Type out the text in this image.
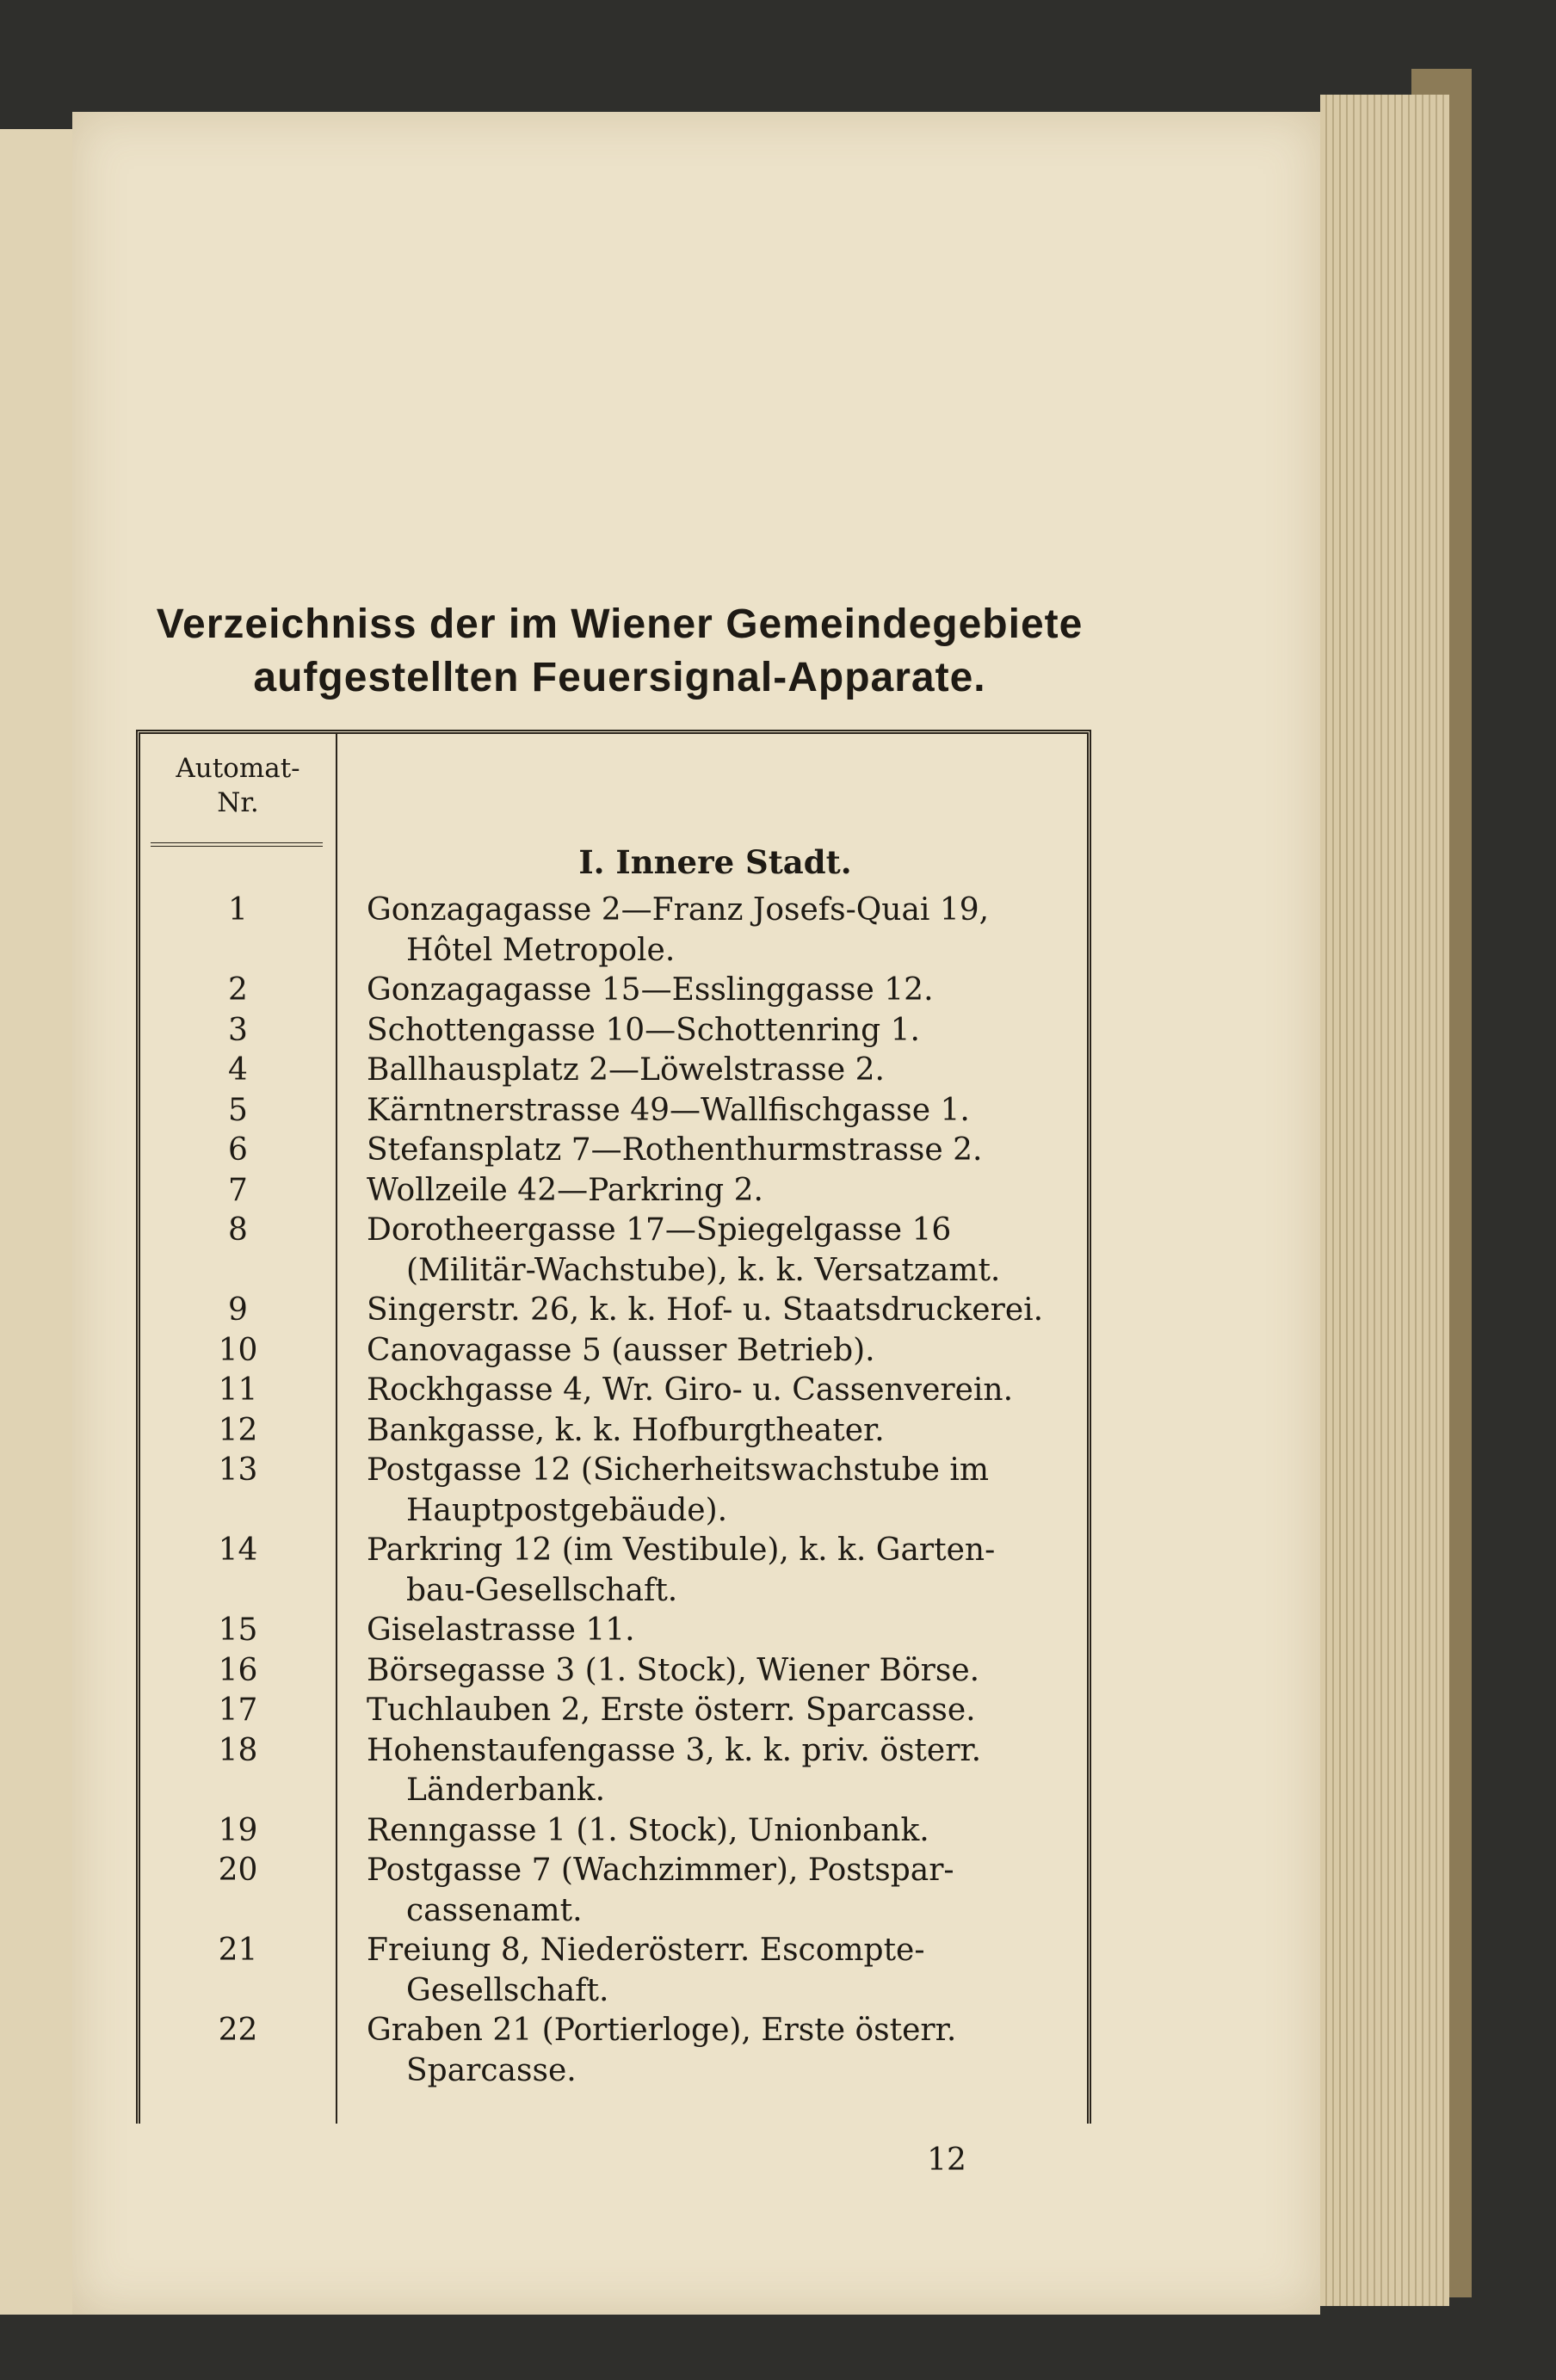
Verzeichniss der im Wiener Gemeindegebiete
aufgestellten Feuersignal-Apparate.
Automat-
Nr.
I. Innere Stadt.
1	Gonzagagasse 2—Franz Josefs-Quai 19,
Hôtel Metropole.
2	Gonzagagasse 15—Esslinggasse 12.
3	Schottengasse 10—Schottenring 1.
4	Ballhausplatz 2—Löwelstrasse 2.
5	Kärntnerstrasse 49—Wallfischgasse 1.
6	Stefansplatz 7—Rothenthurmstrasse 2.
7	Wollzeile 42—Parkring 2.
8	Dorotheergasse 17—Spiegelgasse 16
(Militär-Wachstube), k. k. Versatzamt.
9	Singerstr. 26, k. k. Hof- u. Staatsdruckerei.
10	Canovagasse 5 (ausser Betrieb).
11	Rockhgasse 4, Wr. Giro- u. Cassenverein.
12	Bankgasse, k. k. Hofburgtheater.
13	Postgasse 12 (Sicherheitswachstube im
Hauptpostgebäude).
14	Parkring 12 (im Vestibule), k. k. Garten-
bau-Gesellschaft.
15	Giselastrasse 11.
16	Börsegasse 3 (1. Stock), Wiener Börse.
17	Tuchlauben 2, Erste österr. Sparcasse.
18	Hohenstaufengasse 3, k. k. priv. österr.
Länderbank.
19	Renngasse 1 (1. Stock), Unionbank.
20	Postgasse 7 (Wachzimmer), Postspar-
cassenamt.
21	Freiung 8, Niederösterr. Escompte-
Gesellschaft.
22	Graben 21 (Portierloge), Erste österr.
Sparcasse.
12
